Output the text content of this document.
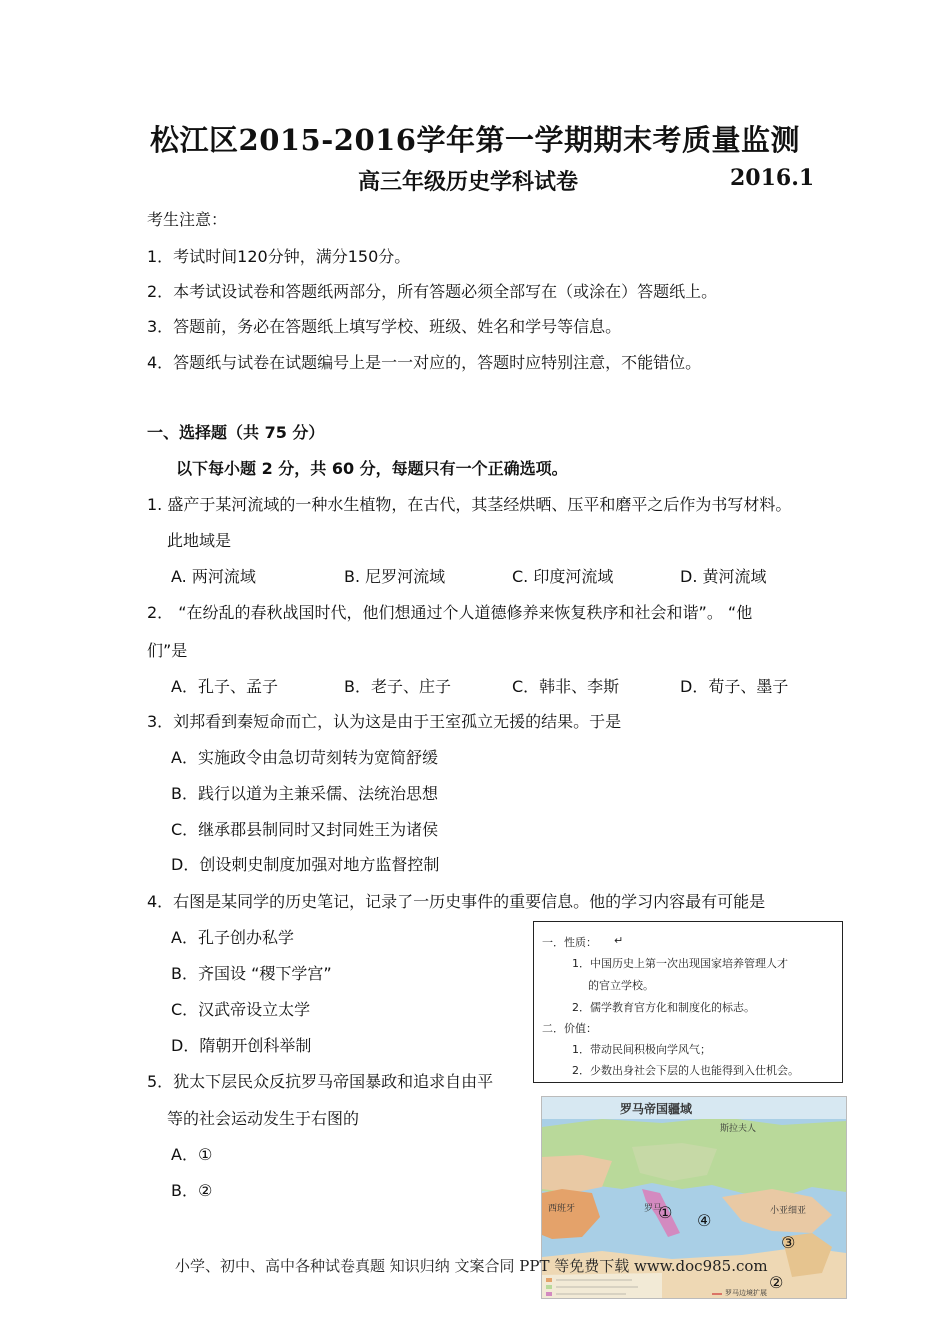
松江区2015-2016学年第一学期期末考质量监测
高三年级历史学科试卷	2016.1
考生注意：
1．考试时间120分钟，满分150分。
2．本考试设试卷和答题纸两部分，所有答题必须全部写在（或涂在）答题纸上。
3．答题前，务必在答题纸上填写学校、班级、姓名和学号等信息。
4．答题纸与试卷在试题编号上是一一对应的，答题时应特别注意，不能错位。
一、选择题（共 75 分）
以下每小题 2 分，共 60 分，每题只有一个正确选项。
1. 盛产于某河流域的一种水生植物，在古代，其茎经烘晒、压平和磨平之后作为书写材料。
此地域是
A. 两河流域	B. 尼罗河流域	C. 印度河流域	D. 黄河流域
2． “在纷乱的春秋战国时代，他们想通过个人道德修养来恢复秩序和社会和谐”。 “他
们”是
A．孔子、孟子	B．老子、庄子	C．韩非、李斯	D．荀子、墨子
3．刘邦看到秦短命而亡，认为这是由于王室孤立无援的结果。于是
A．实施政令由急切苛刻转为宽简舒缓
B．践行以道为主兼采儒、法统治思想
C．继承郡县制同时又封同姓王为诸侯
D．创设刺史制度加强对地方监督控制
4．右图是某同学的历史笔记，记录了一历史事件的重要信息。他的学习内容最有可能是
A．孔子创办私学
B．齐国设 “稷下学宫”
C．汉武帝设立太学
D．隋朝开创科举制
一．性质：
1．中国历史上第一次出现国家培养管理人才
的官立学校。
2．儒学教育官方化和制度化的标志。
二．价值：
1．带动民间积极向学风气；
2．少数出身社会下层的人也能得到入仕机会。
↵
5．犹太下层民众反抗罗马帝国暴政和追求自由平
等的社会运动发生于右图的
A．①
B．②
罗马帝国疆域
斯拉夫人
西班牙	罗马	小亚细亚
①
②
③
④
罗马边境扩展
小学、初中、高中各种试卷真题 知识归纳 文案合同 PPT 等免费下载 www.doc985.com
